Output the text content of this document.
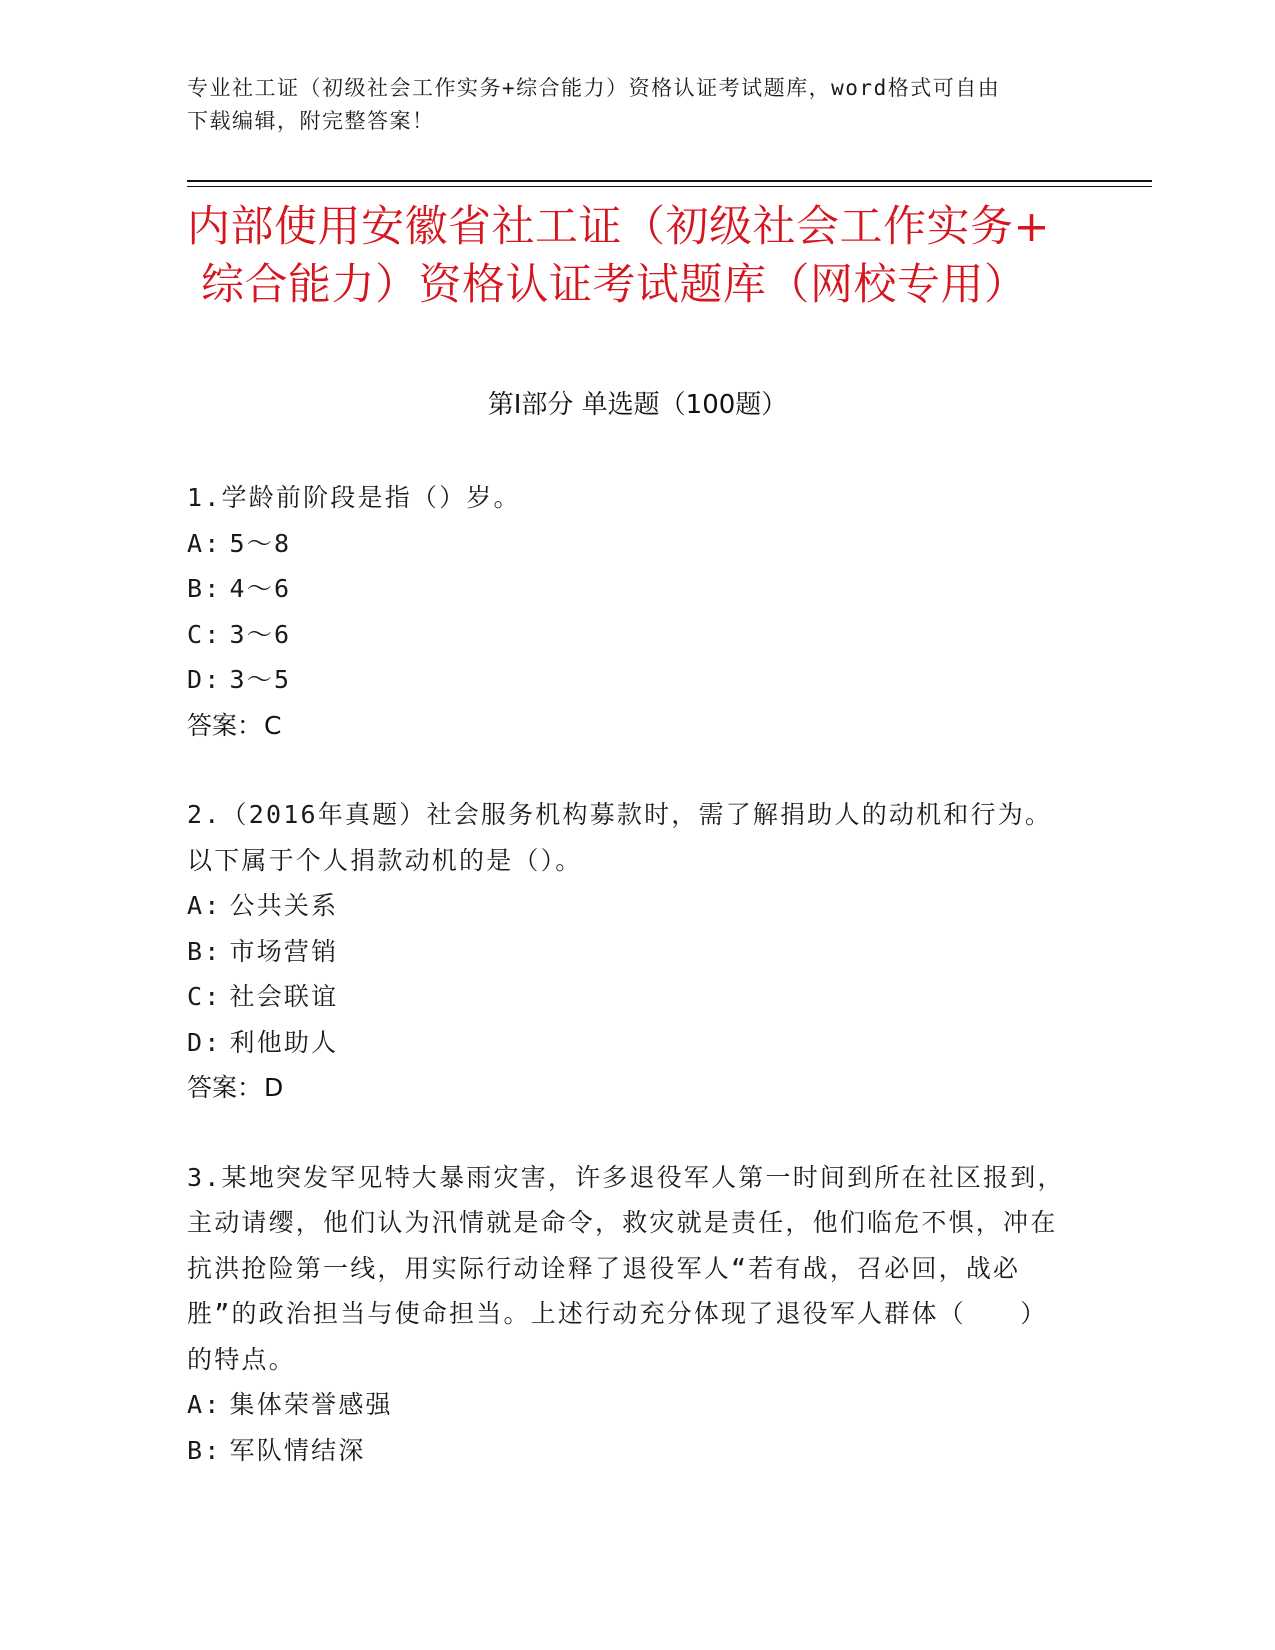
专业社工证（初级社会工作实务+综合能力）资格认证考试题库，word格式可自由
下载编辑，附完整答案！
内部使用安徽省社工证（初级社会工作实务+
综合能力）资格认证考试题库（网校专用）
第Ⅰ部分 单选题（100题）

1.学龄前阶段是指（）岁。

A: 5～8
B: 4～6
C: 3～6
D: 3～5
答案：C

2.（2016年真题）社会服务机构募款时，需了解捐助人的动机和行为。以下属于个人捐款动机的是（）。

A: 公共关系
B: 市场营销
C: 社会联谊
D: 利他助人
答案：D

3.某地突发罕见特大暴雨灾害，许多退役军人第一时间到所在社区报到，主动请缨，他们认为汛情就是命令，救灾就是责任，他们临危不惧，冲在抗洪抢险第一线，用实际行动诠释了退役军人“若有战，召必回，战必胜”的政治担当与使命担当。上述行动充分体现了退役军人群体（　　）的特点。

A: 集体荣誉感强
B: 军队情结深
